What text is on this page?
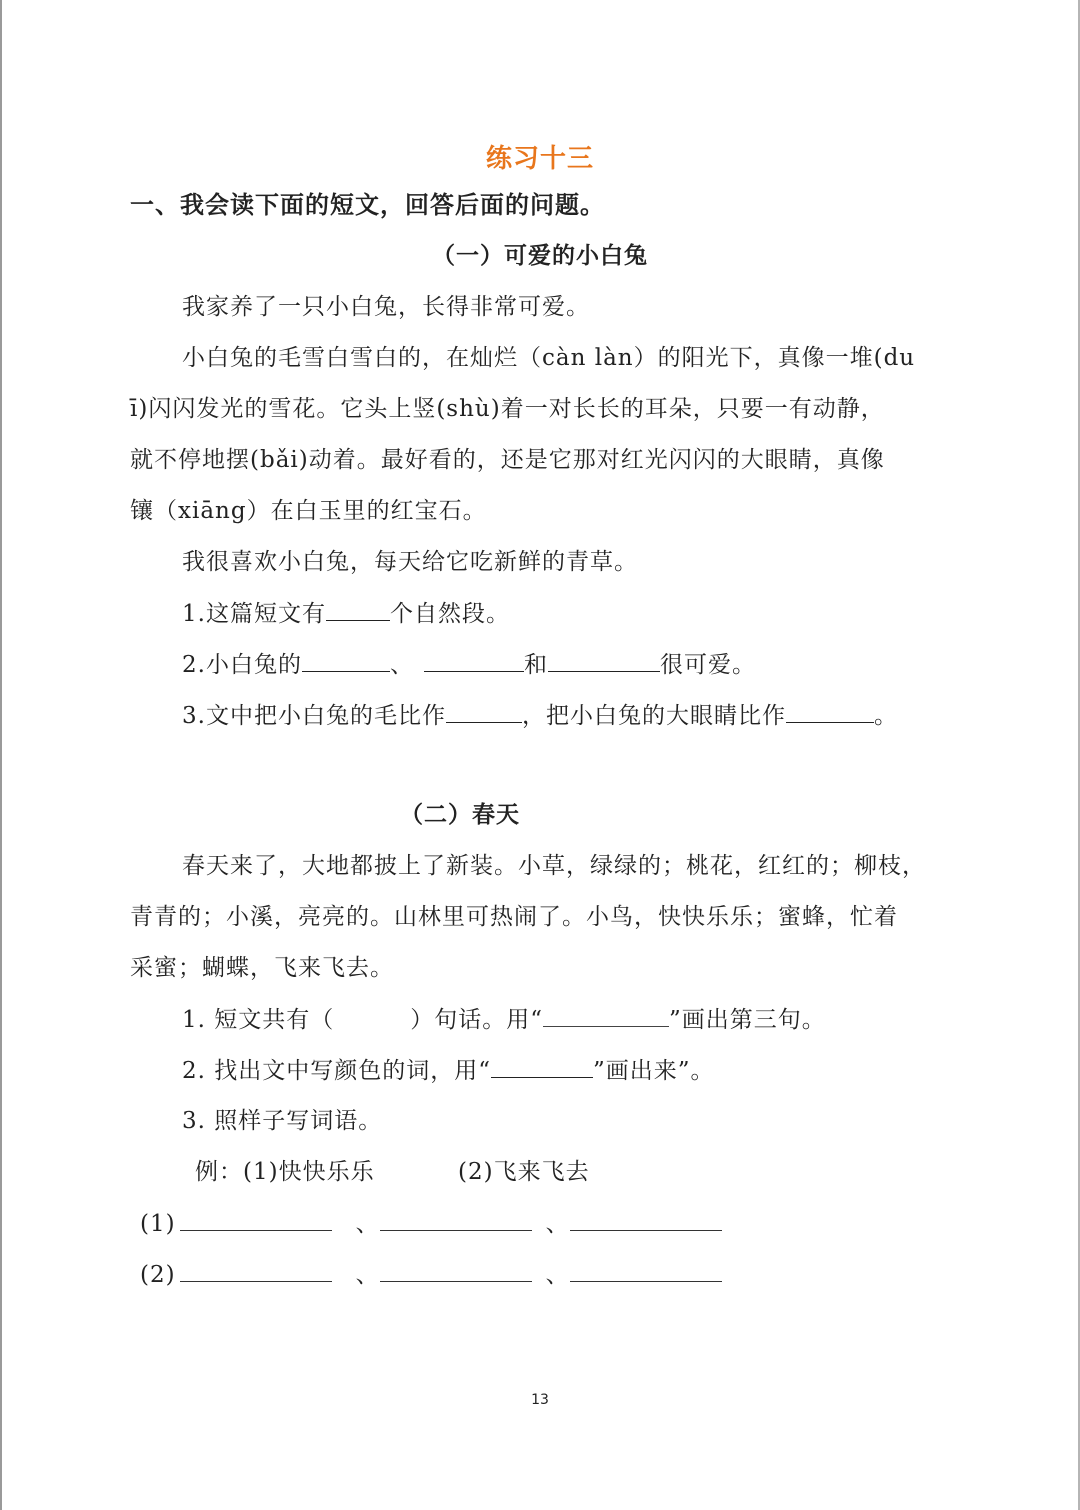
练习十三
一、我会读下面的短文，回答后面的问题。
（一）可爱的小白兔
我家养了一只小白兔，长得非常可爱。
小白兔的毛雪白雪白的，在灿烂（càn làn）的阳光下，真像一堆(du
ī)闪闪发光的雪花。它头上竖(shù)着一对长长的耳朵，只要一有动静，
就不停地摆(bǎi)动着。最好看的，还是它那对红光闪闪的大眼睛，真像
镶（xiāng）在白玉里的红宝石。
我很喜欢小白兔，每天给它吃新鲜的青草。
1.这篇短文有	个自然段。
2.小白兔的	、	和	很可爱。
3.文中把小白兔的毛比作	，把小白兔的大眼睛比作	。
（二）春天
春天来了，大地都披上了新装。小草，绿绿的；桃花，红红的；柳枝，
青青的；小溪，亮亮的。山林里可热闹了。小鸟，快快乐乐；蜜蜂，忙着
采蜜；蝴蝶，飞来飞去。
1. 短文共有（	）句话。用“	”画出第三句。
2. 找出文中写颜色的词，用“	”画出来”。
3. 照样子写词语。
例：(1)快快乐乐	(2)飞来飞去
(1)	、	、
(2)	、	、
13
